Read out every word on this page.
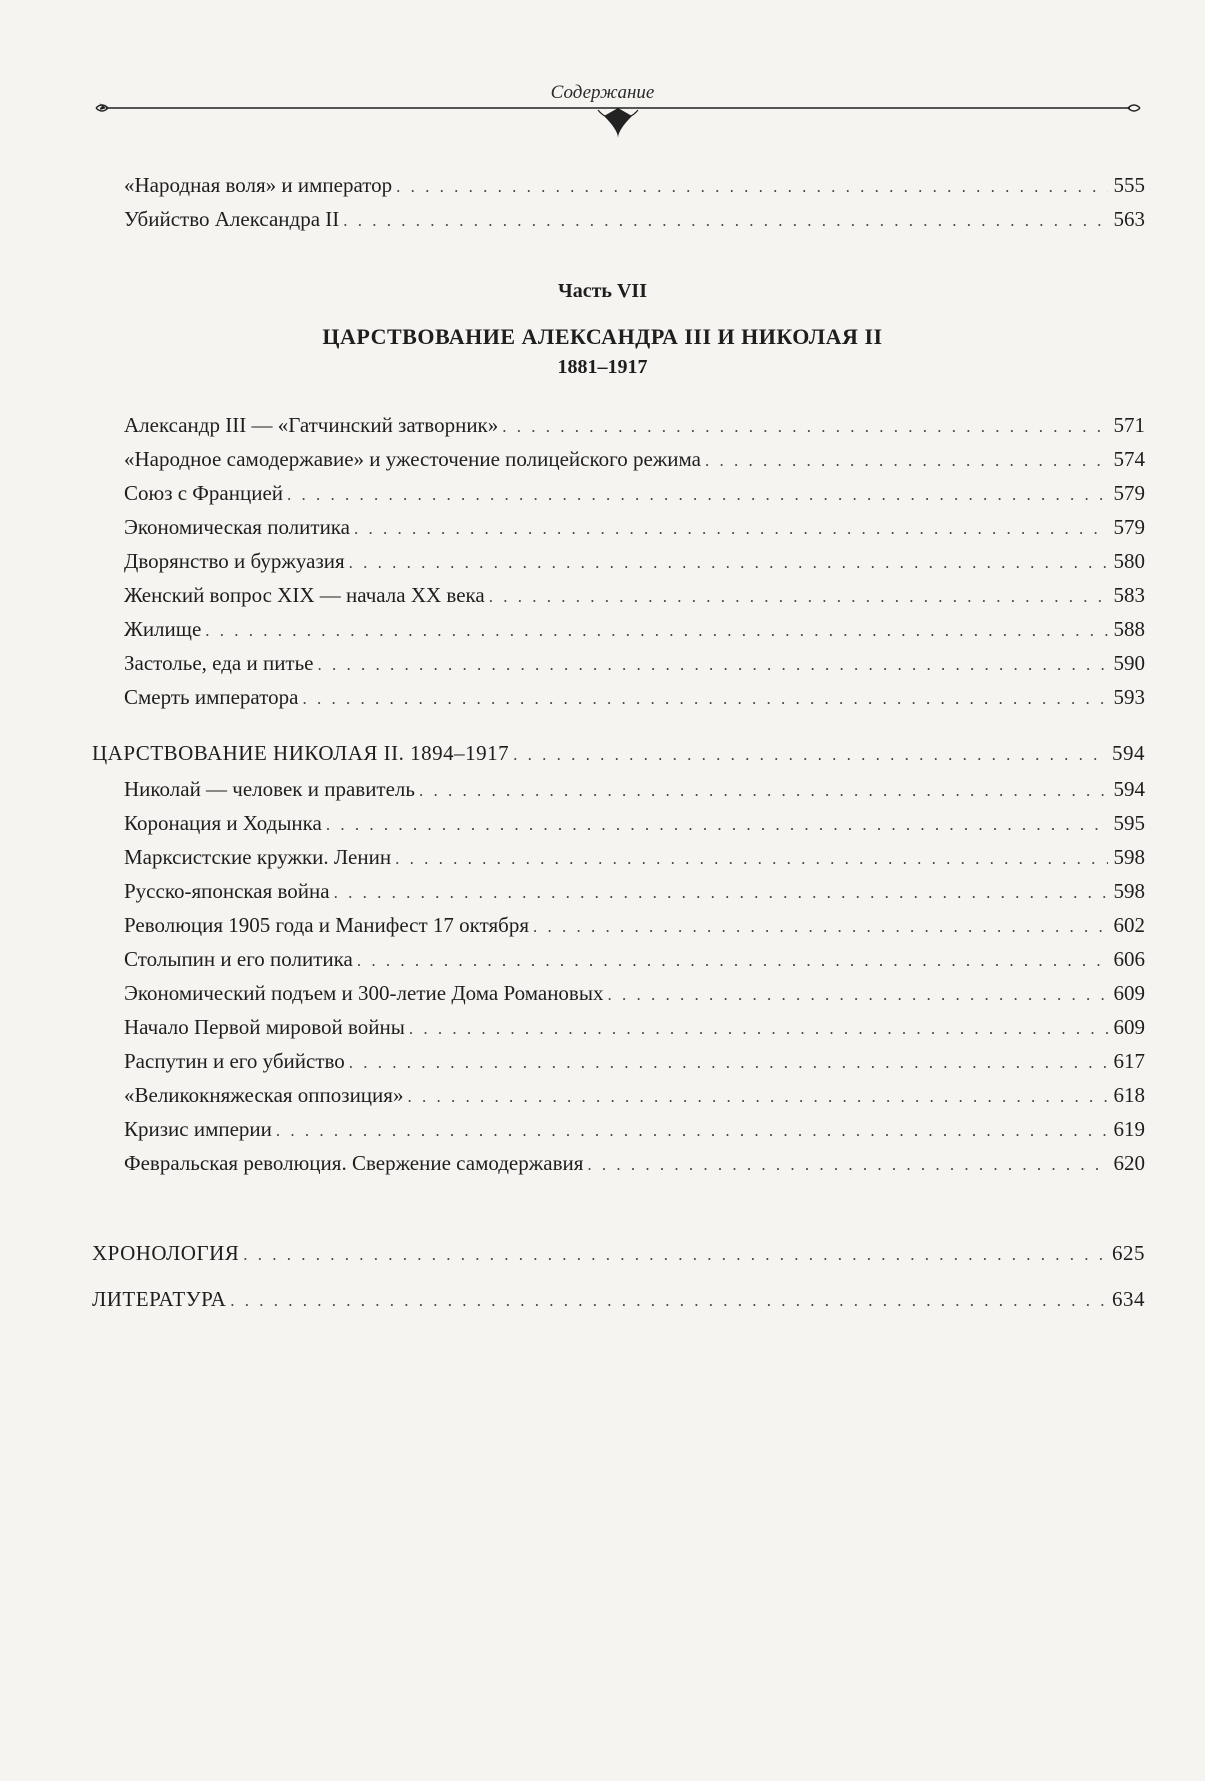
Содержание
«Народная воля» и император . . .	555
Убийство Александра II . . .	563
Часть VII
ЦАРСТВОВАНИЕ АЛЕКСАНДРА III И НИКОЛАЯ II
1881–1917
Александр III — «Гатчинский затворник» . . .	571
«Народное самодержавие» и ужесточение полицейского режима . . .	574
Союз с Францией . . .	579
Экономическая политика . . .	579
Дворянство и буржуазия . . .	580
Женский вопрос XIX — начала XX века . . .	583
Жилище . . .	588
Застолье, еда и питье . . .	590
Смерть императора . . .	593
ЦАРСТВОВАНИЕ НИКОЛАЯ II. 1894–1917 . . .	594
Николай — человек и правитель . . .	594
Коронация и Ходынка . . .	595
Марксистские кружки. Ленин . . .	598
Русско-японская война . . .	598
Революция 1905 года и Манифест 17 октября . . .	602
Столыпин и его политика . . .	606
Экономический подъем и 300-летие Дома Романовых . . .	609
Начало Первой мировой войны . . .	609
Распутин и его убийство . . .	617
«Великокняжеская оппозиция» . . .	618
Кризис империи . . .	619
Февральская революция. Свержение самодержавия . . .	620
ХРОНОЛОГИЯ . . .	625
ЛИТЕРАТУРА . . .	634
